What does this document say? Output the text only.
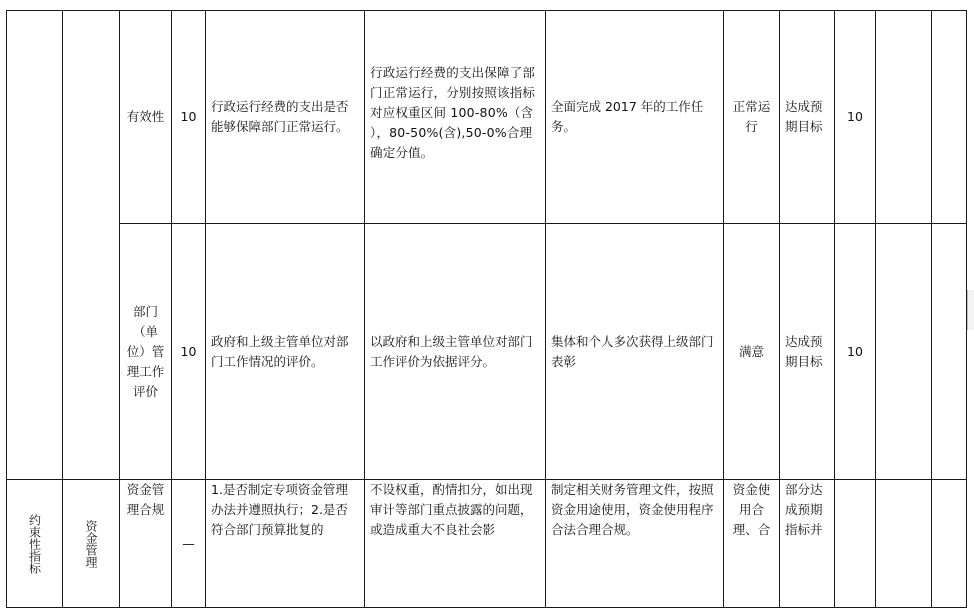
		有效性	10	行政运行经费的支出是否能够保障部门正常运行。	行政运行经费的支出保障了部门正常运行，分别按照该指标对应权重区间 100-80%（含 ），80-50%(含),50-0%合理确定分值。	全面完成 2017 年的工作任务。	正常运行	达成预期目标	10		

		部门（单位）管理工作评价	10	政府和上级主管单位对部门工作情况的评价。	以政府和上级主管单位对部门工作评价为依据评分。	集体和个人多次获得上级部门表彰	满意	达成预期目标	10		

约束性指标	资金管理	资金管理合规	—	1.是否制定专项资金管理办法并遵照执行；2.是否符合部门预算批复的	不设权重，酌情扣分，如出现审计等部门重点披露的问题，或造成重大不良社会影	制定相关财务管理文件，按照资金用途使用，资金使用程序合法合理合规。	资金使用合理、合	部分达成预期指标并			
